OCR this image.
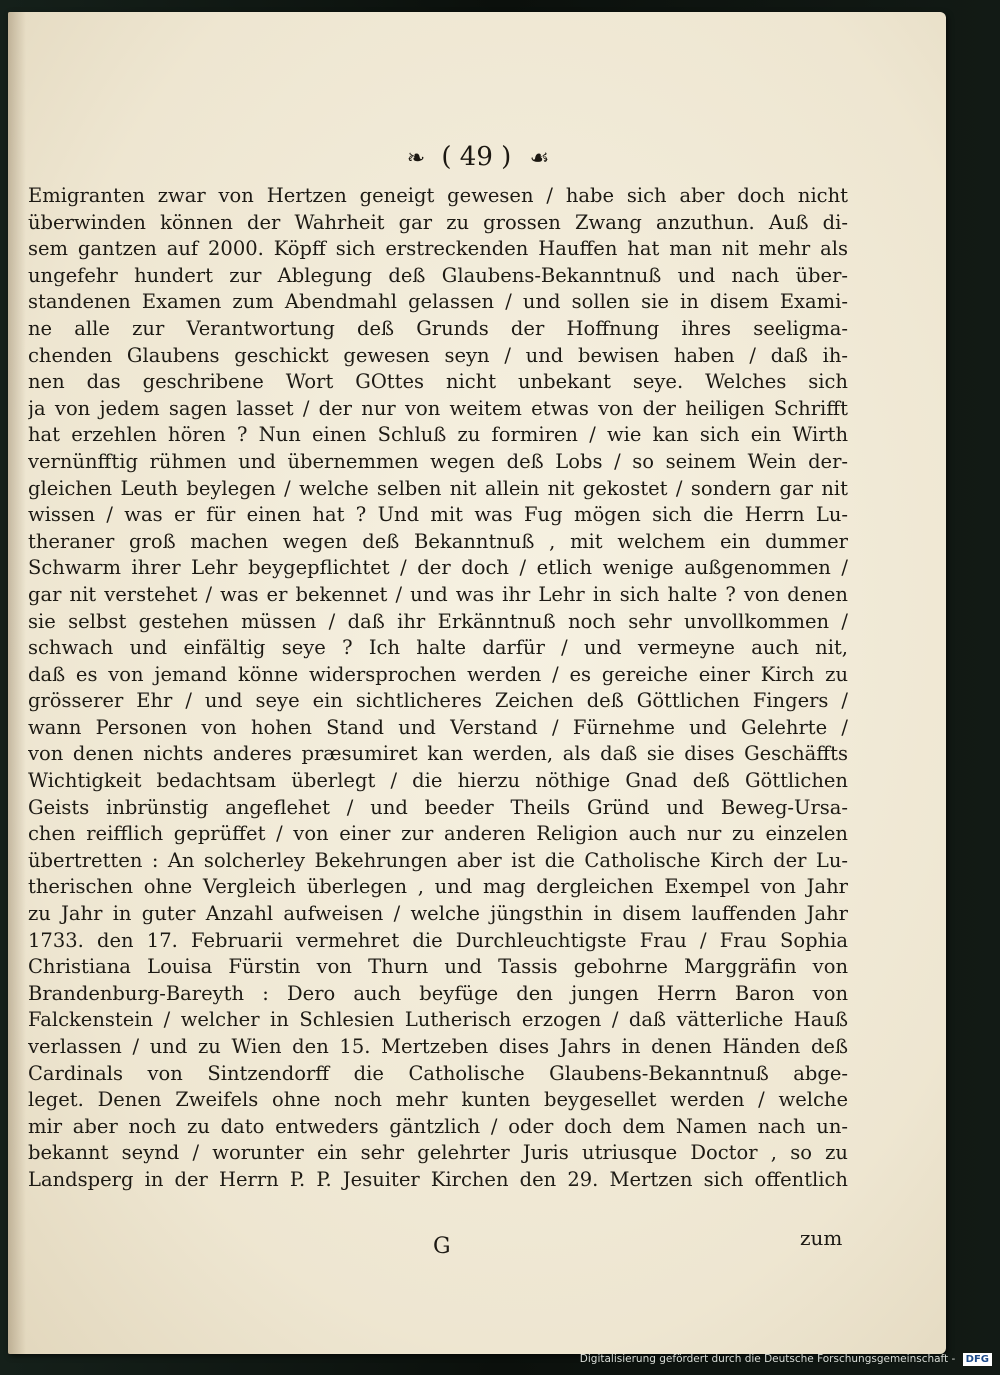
❧ ( 49 ) ☙
Emigranten zwar von Hertzen geneigt gewesen / habe sich aber doch nicht
überwinden können der Wahrheit gar zu grossen Zwang anzuthun. Auß di-
sem gantzen auf 2000. Köpff sich erstreckenden Hauffen hat man nit mehr als
ungefehr hundert zur Ablegung deß Glaubens-Bekanntnuß und nach über-
standenen Examen zum Abendmahl gelassen / und sollen sie in disem Exami-
ne alle zur Verantwortung deß Grunds der Hoffnung ihres seeligma-
chenden Glaubens geschickt gewesen seyn / und bewisen haben / daß ih-
nen das geschribene Wort GOttes nicht unbekant seye. Welches sich
ja von jedem sagen lasset / der nur von weitem etwas von der heiligen Schrifft
hat erzehlen hören ? Nun einen Schluß zu formiren / wie kan sich ein Wirth
vernünfftig rühmen und übernemmen wegen deß Lobs / so seinem Wein der-
gleichen Leuth beylegen / welche selben nit allein nit gekostet / sondern gar nit
wissen / was er für einen hat ? Und mit was Fug mögen sich die Herrn Lu-
theraner groß machen wegen deß Bekanntnuß , mit welchem ein dummer
Schwarm ihrer Lehr beygepflichtet / der doch / etlich wenige außgenommen /
gar nit verstehet / was er bekennet / und was ihr Lehr in sich halte ? von denen
sie selbst gestehen müssen / daß ihr Erkänntnuß noch sehr unvollkommen /
schwach und einfältig seye ? Ich halte darfür / und vermeyne auch nit,
daß es von jemand könne widersprochen werden / es gereiche einer Kirch zu
grösserer Ehr / und seye ein sichtlicheres Zeichen deß Göttlichen Fingers /
wann Personen von hohen Stand und Verstand / Fürnehme und Gelehrte /
von denen nichts anderes præsumiret kan werden, als daß sie dises Geschäffts
Wichtigkeit bedachtsam überlegt / die hierzu nöthige Gnad deß Göttlichen
Geists inbrünstig angeflehet / und beeder Theils Gründ und Beweg-Ursa-
chen reifflich geprüffet / von einer zur anderen Religion auch nur zu einzelen
übertretten : An solcherley Bekehrungen aber ist die Catholische Kirch der Lu-
therischen ohne Vergleich überlegen , und mag dergleichen Exempel von Jahr
zu Jahr in guter Anzahl aufweisen / welche jüngsthin in disem lauffenden Jahr
1733. den 17. Februarii vermehret die Durchleuchtigste Frau / Frau Sophia
Christiana Louisa Fürstin von Thurn und Tassis gebohrne Marggräfin von
Brandenburg-Bareyth : Dero auch beyfüge den jungen Herrn Baron von
Falckenstein / welcher in Schlesien Lutherisch erzogen / daß vätterliche Hauß
verlassen / und zu Wien den 15. Mertzeben dises Jahrs in denen Händen deß
Cardinals von Sintzendorff die Catholische Glaubens-Bekanntnuß abge-
leget. Denen Zweifels ohne noch mehr kunten beygesellet werden / welche
mir aber noch zu dato entweders gäntzlich / oder doch dem Namen nach un-
bekannt seynd / worunter ein sehr gelehrter Juris utriusque Doctor , so zu
Landsperg in der Herrn P. P. Jesuiter Kirchen den 29. Mertzen sich offentlich
G	zum
Digitalisierung gefördert durch die Deutsche Forschungsgemeinschaft - DFG
